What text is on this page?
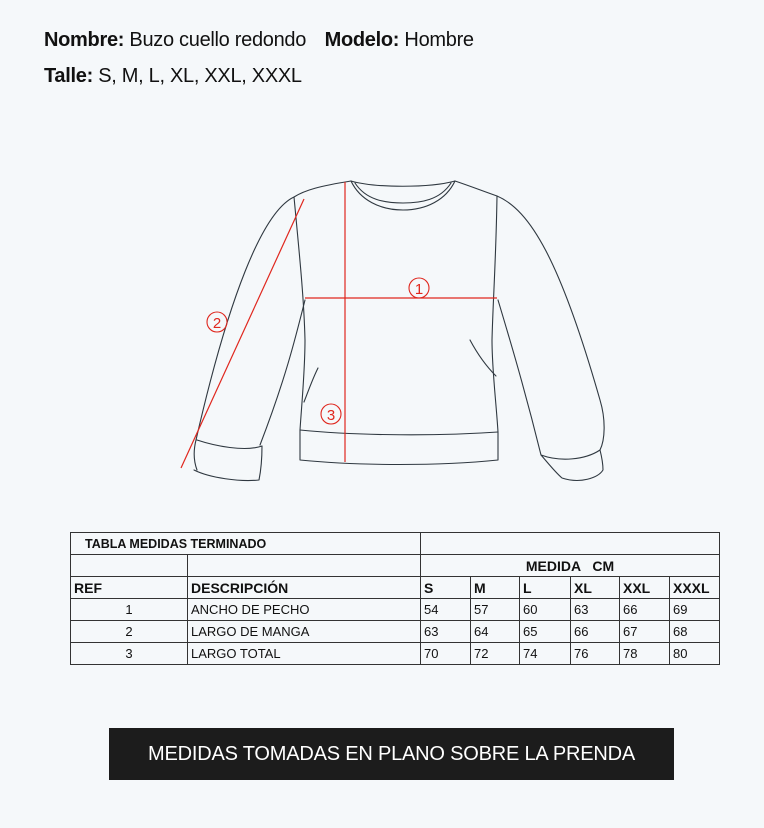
Nombre: Buzo cuello redondo Modelo: Hombre
Talle: S, M, L, XL, XXL, XXXL
1
2
3
TABLA MEDIDAS TERMINADO							
		MEDIDA CM					
REF	DESCRIPCIÓN	S	M	L	XL	XXL	XXXL
1	ANCHO DE PECHO	54	57	60	63	66	69
2	LARGO DE MANGA	63	64	65	66	67	68
3	LARGO TOTAL	70	72	74	76	78	80
MEDIDAS TOMADAS EN PLANO SOBRE LA PRENDA
